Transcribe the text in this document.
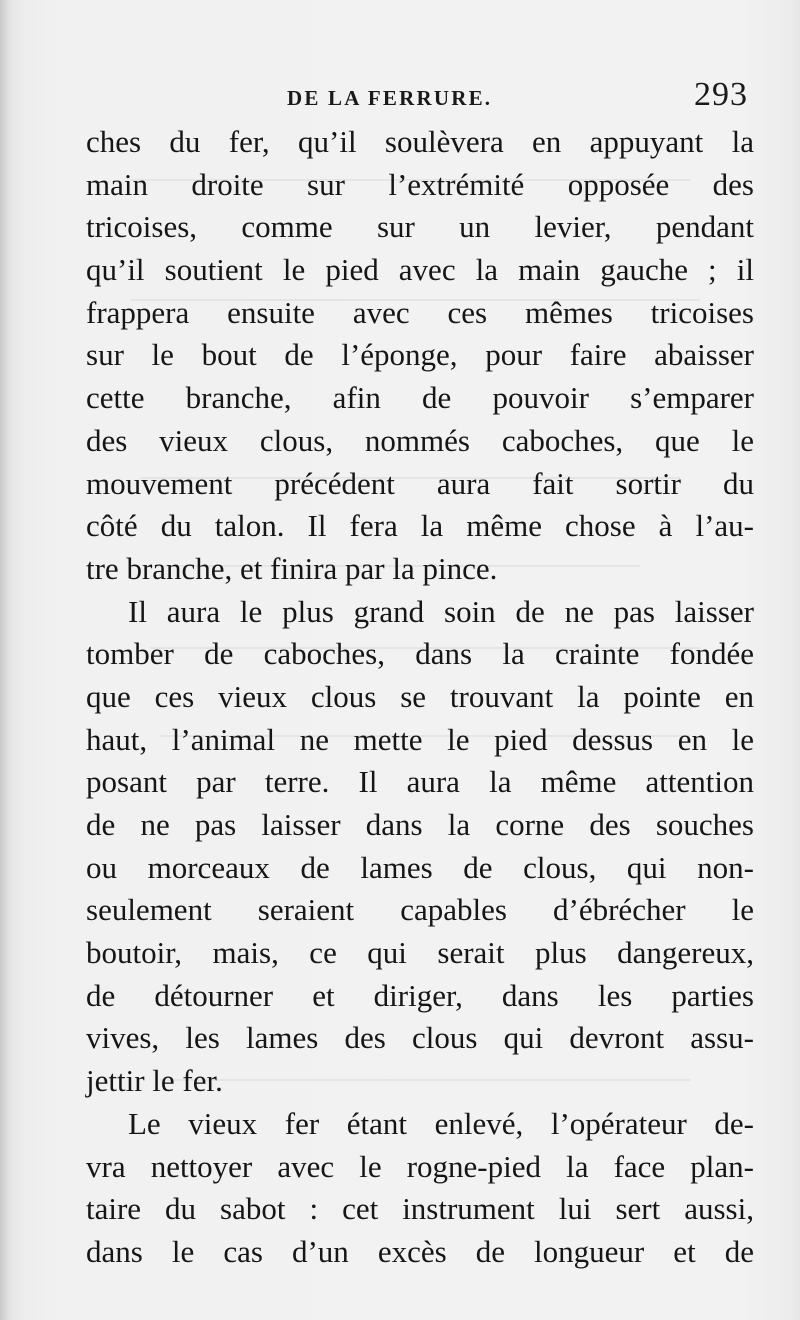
DE LA FERRURE.	293
ches du fer, qu’il soulèvera en appuyant la
main droite sur l’extrémité opposée des
tricoises, comme sur un levier, pendant
qu’il soutient le pied avec la main gauche ; il
frappera ensuite avec ces mêmes tricoises
sur le bout de l’éponge, pour faire abaisser
cette branche, afin de pouvoir s’emparer
des vieux clous, nommés caboches, que le
mouvement précédent aura fait sortir du
côté du talon. Il fera la même chose à l’au-
tre branche, et finira par la pince.
Il aura le plus grand soin de ne pas laisser
tomber de caboches, dans la crainte fondée
que ces vieux clous se trouvant la pointe en
haut, l’animal ne mette le pied dessus en le
posant par terre. Il aura la même attention
de ne pas laisser dans la corne des souches
ou morceaux de lames de clous, qui non-
seulement seraient capables d’ébrécher le
boutoir, mais, ce qui serait plus dangereux,
de détourner et diriger, dans les parties
vives, les lames des clous qui devront assu-
jettir le fer.
Le vieux fer étant enlevé, l’opérateur de-
vra nettoyer avec le rogne-pied la face plan-
taire du sabot : cet instrument lui sert aussi,
dans le cas d’un excès de longueur et de
